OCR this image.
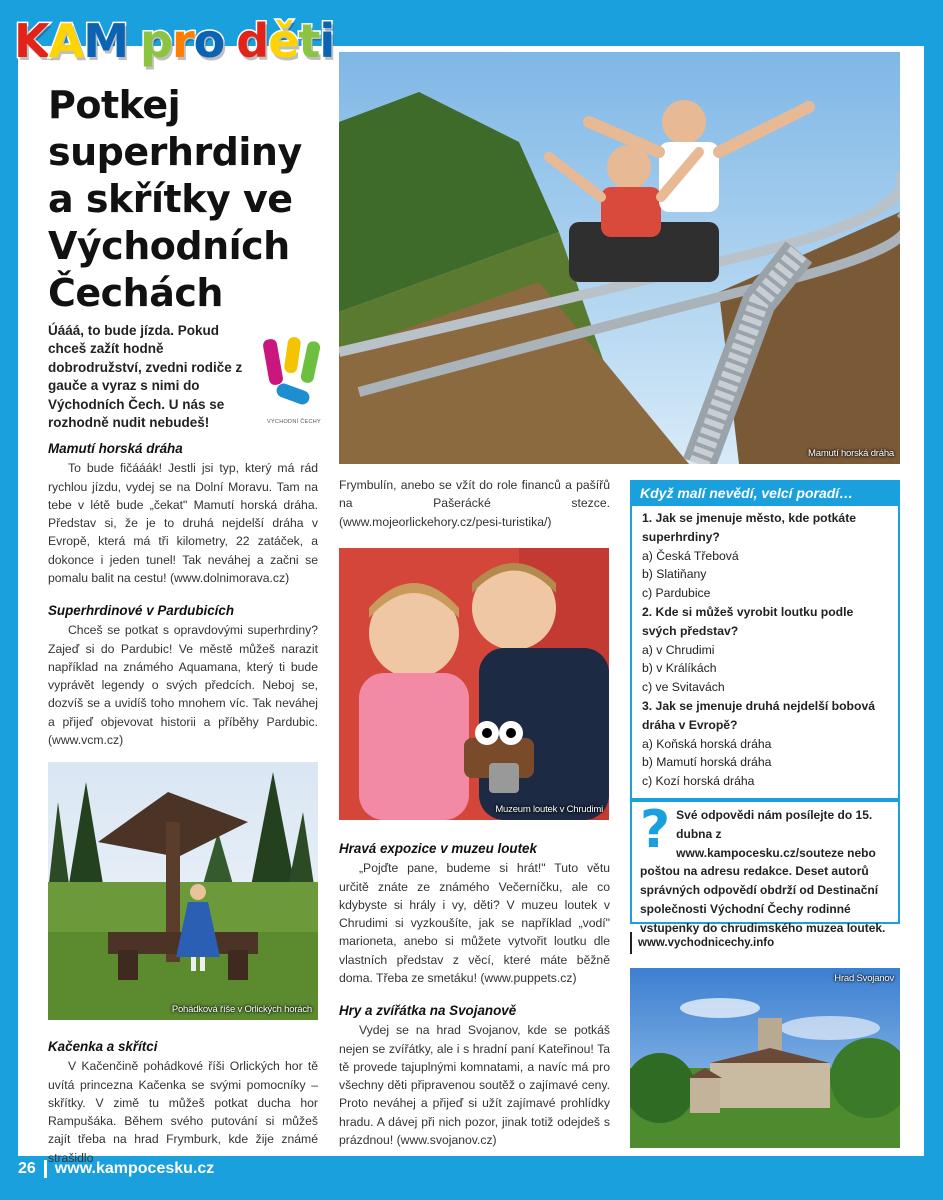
K A M p r o d ě t i
Potkej superhrdiny a skřítky ve Východních Čechách
Úááá, to bude jízda. Pokud chceš zažít hodně dobrodružství, zvedni rodiče z gauče a vyraz s nimi do Východních Čech. U nás se rozhodně nudit nebudeš!	VÝCHODNÍ ČECHY
Mamutí horská dráha

To bude fičááák! Jestli jsi typ, který má rád rychlou jízdu, vydej se na Dolní Moravu. Tam na tebe v létě bude „čekat" Mamutí horská dráha. Představ si, že je to druhá nejdelší dráha v Evropě, která má tři kilometry, 22 zatáček, a dokonce i jeden tunel! Tak neváhej a začni se pomalu balit na cestu! (www.dolnimorava.cz)

Superhrdinové v Pardubicích

Chceš se potkat s opravdovými superhrdiny? Zajeď si do Pardubic! Ve městě můžeš narazit například na známého Aquamana, který ti bude vyprávět legendy o svých předcích. Neboj se, dozvíš se a uvidíš toho mnohem víc. Tak neváhej a přijeď objevovat historii a příběhy Pardubic. (www.vcm.cz)

Pohádková říše v Orlických horách
Kačenka a skřítci

V Kačenčině pohádkové říši Orlických hor tě uvítá princezna Kačenka se svými pomocníky – skřítky. V zimě tu můžeš potkat ducha hor Rampušáka. Během svého putování si můžeš zajít třeba na hrad Frymburk, kde žije známé strašidlo

Mamutí horská dráha
Frymbulín, anebo se vžít do role financů a pašířů na Pašerácké stezce. (www.mojeorlickehory.cz/pesi-turistika/)
Muzeum loutek v Chrudimi
Hravá expozice v muzeu loutek

„Pojďte pane, budeme si hrát!" Tuto větu určitě znáte ze známého Večerníčku, ale co kdybyste si hrály i vy, děti? V muzeu loutek v Chrudimi si vyzkoušíte, jak se například „vodí" marioneta, anebo si můžete vytvořit loutku dle vlastních představ z věcí, které máte běžně doma. Třeba ze smetáku! (www.puppets.cz)

Hry a zvířátka na Svojanově

Vydej se na hrad Svojanov, kde se potkáš nejen se zvířátky, ale i s hradní paní Kateřinou! Ta tě provede tajuplnými komnatami, a navíc má pro všechny děti připravenou soutěž o zajímavé ceny. Proto neváhej a přijeď si užít zajímavé prohlídky hradu. A dávej při nich pozor, jinak totiž odejdeš s prázdnou! (www.svojanov.cz)

Když malí nevědí, velcí poradí…
1. Jak se jmenuje město, kde potkáte superhrdiny?
a) Česká Třebová
b) Slatiňany
c) Pardubice
2. Kde si můžeš vyrobit loutku podle svých představ?
a) v Chrudimi
b) v Králíkách
c) ve Svitavách
3. Jak se jmenuje druhá nejdelší bobová dráha v Evropě?
a) Koňská horská dráha
b) Mamutí horská dráha
c) Kozí horská dráha
? Své odpovědi nám posílejte do 15. dubna z www.kampocesku.cz/souteze nebo poštou na adresu redakce. Deset autorů správných odpovědí obdrží od Destinační společnosti Východní Čechy rodinné vstupenky do chrudimského muzea loutek.
www.vychodnicechy.info
Hrad Svojanov
26 www.kampocesku.cz
